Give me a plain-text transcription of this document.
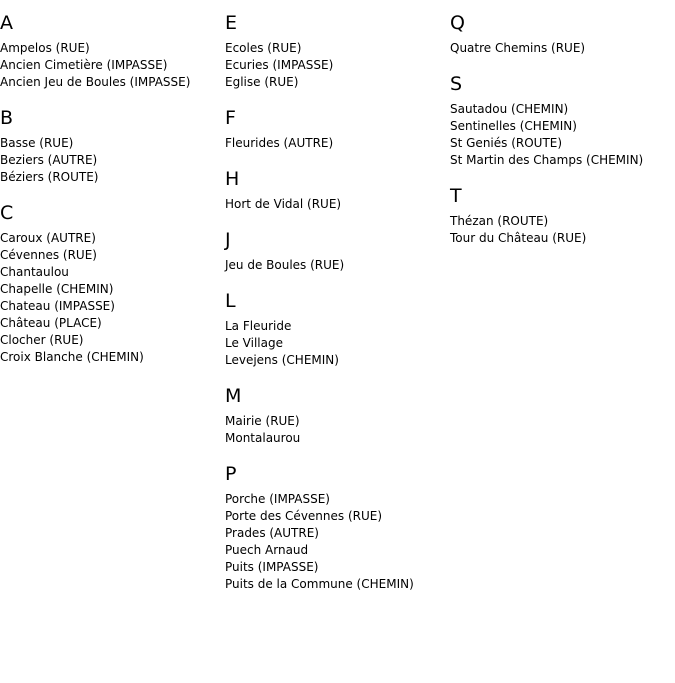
A
Ampelos (RUE)
Ancien Cimetière (IMPASSE)
Ancien Jeu de Boules (IMPASSE)
B
Basse (RUE)
Beziers (AUTRE)
Béziers (ROUTE)
C
Caroux (AUTRE)
Cévennes (RUE)
Chantaulou
Chapelle (CHEMIN)
Chateau (IMPASSE)
Château (PLACE)
Clocher (RUE)
Croix Blanche (CHEMIN)
E
Ecoles (RUE)
Ecuries (IMPASSE)
Eglise (RUE)
F
Fleurides (AUTRE)
H
Hort de Vidal (RUE)
J
Jeu de Boules (RUE)
L
La Fleuride
Le Village
Levejens (CHEMIN)
M
Mairie (RUE)
Montalaurou
P
Porche (IMPASSE)
Porte des Cévennes (RUE)
Prades (AUTRE)
Puech Arnaud
Puits (IMPASSE)
Puits de la Commune (CHEMIN)
Q
Quatre Chemins (RUE)
S
Sautadou (CHEMIN)
Sentinelles (CHEMIN)
St Geniés (ROUTE)
St Martin des Champs (CHEMIN)
T
Thézan (ROUTE)
Tour du Château (RUE)
